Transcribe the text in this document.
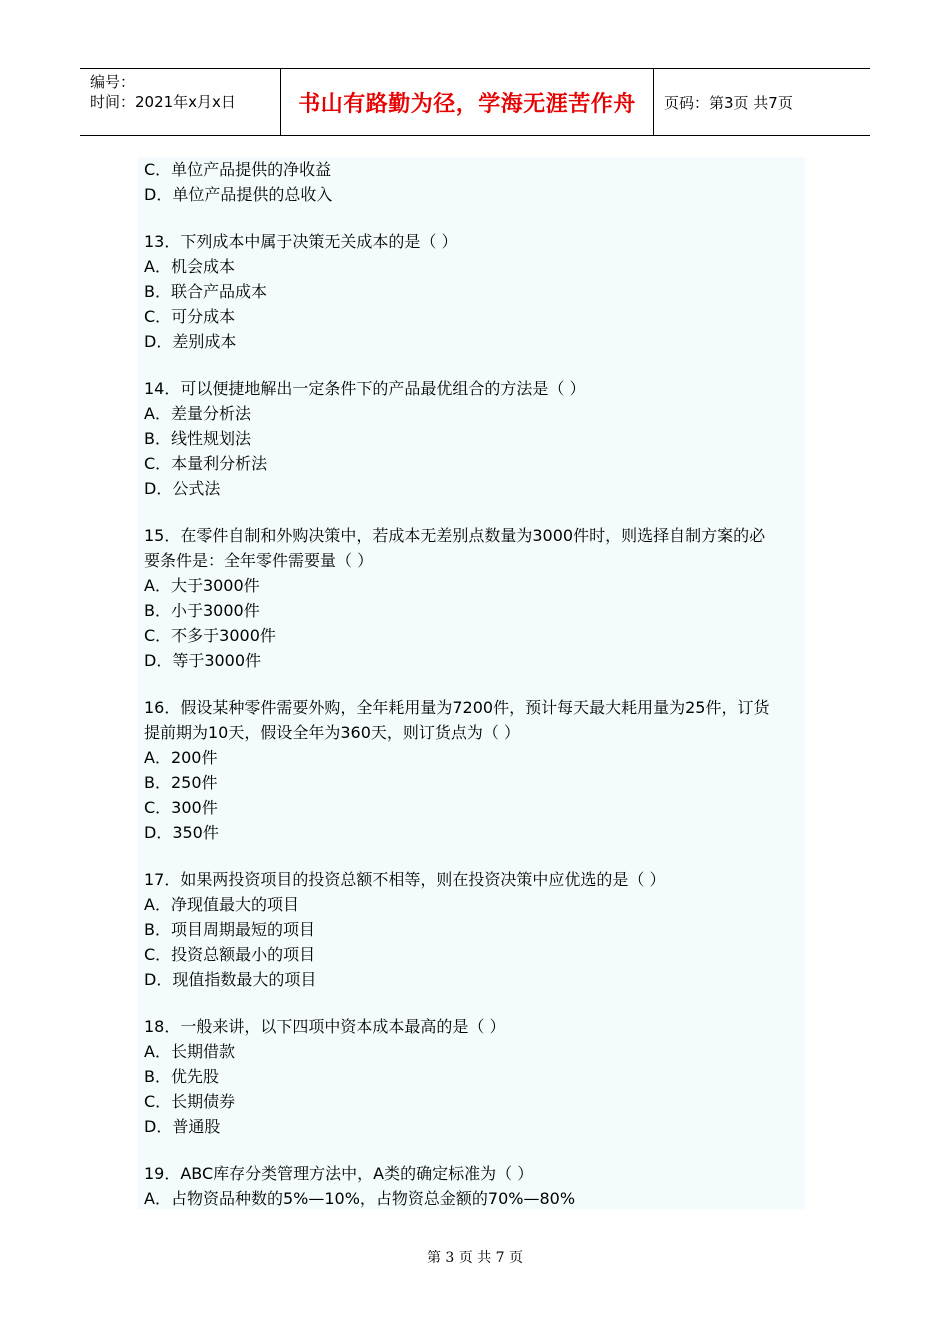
编号：
时间：2021年x月x日	书山有路勤为径，学海无涯苦作舟 页码：第3页 共7页
C．单位产品提供的净收益
D．单位产品提供的总收入
13．下列成本中属于决策无关成本的是（ ）
A．机会成本
B．联合产品成本
C．可分成本
D．差别成本
14．可以便捷地解出一定条件下的产品最优组合的方法是（ ）
A．差量分析法
B．线性规划法
C．本量利分析法
D．公式法
15．在零件自制和外购决策中，若成本无差别点数量为3000件时，则选择自制方案的必
要条件是：全年零件需要量（ ）
A．大于3000件
B．小于3000件
C．不多于3000件
D．等于3000件
16．假设某种零件需要外购，全年耗用量为7200件，预计每天最大耗用量为25件，订货
提前期为10天，假设全年为360天，则订货点为（ ）
A．200件
B．250件
C．300件
D．350件
17．如果两投资项目的投资总额不相等，则在投资决策中应优选的是（ ）
A．净现值最大的项目
B．项目周期最短的项目
C．投资总额最小的项目
D．现值指数最大的项目
18．一般来讲，以下四项中资本成本最高的是（ ）
A．长期借款
B．优先股
C．长期债券
D．普通股
19．ABC库存分类管理方法中，A类的确定标准为（ ）
A．占物资品种数的5%—10%，占物资总金额的70%—80%
第 3 页 共 7 页
